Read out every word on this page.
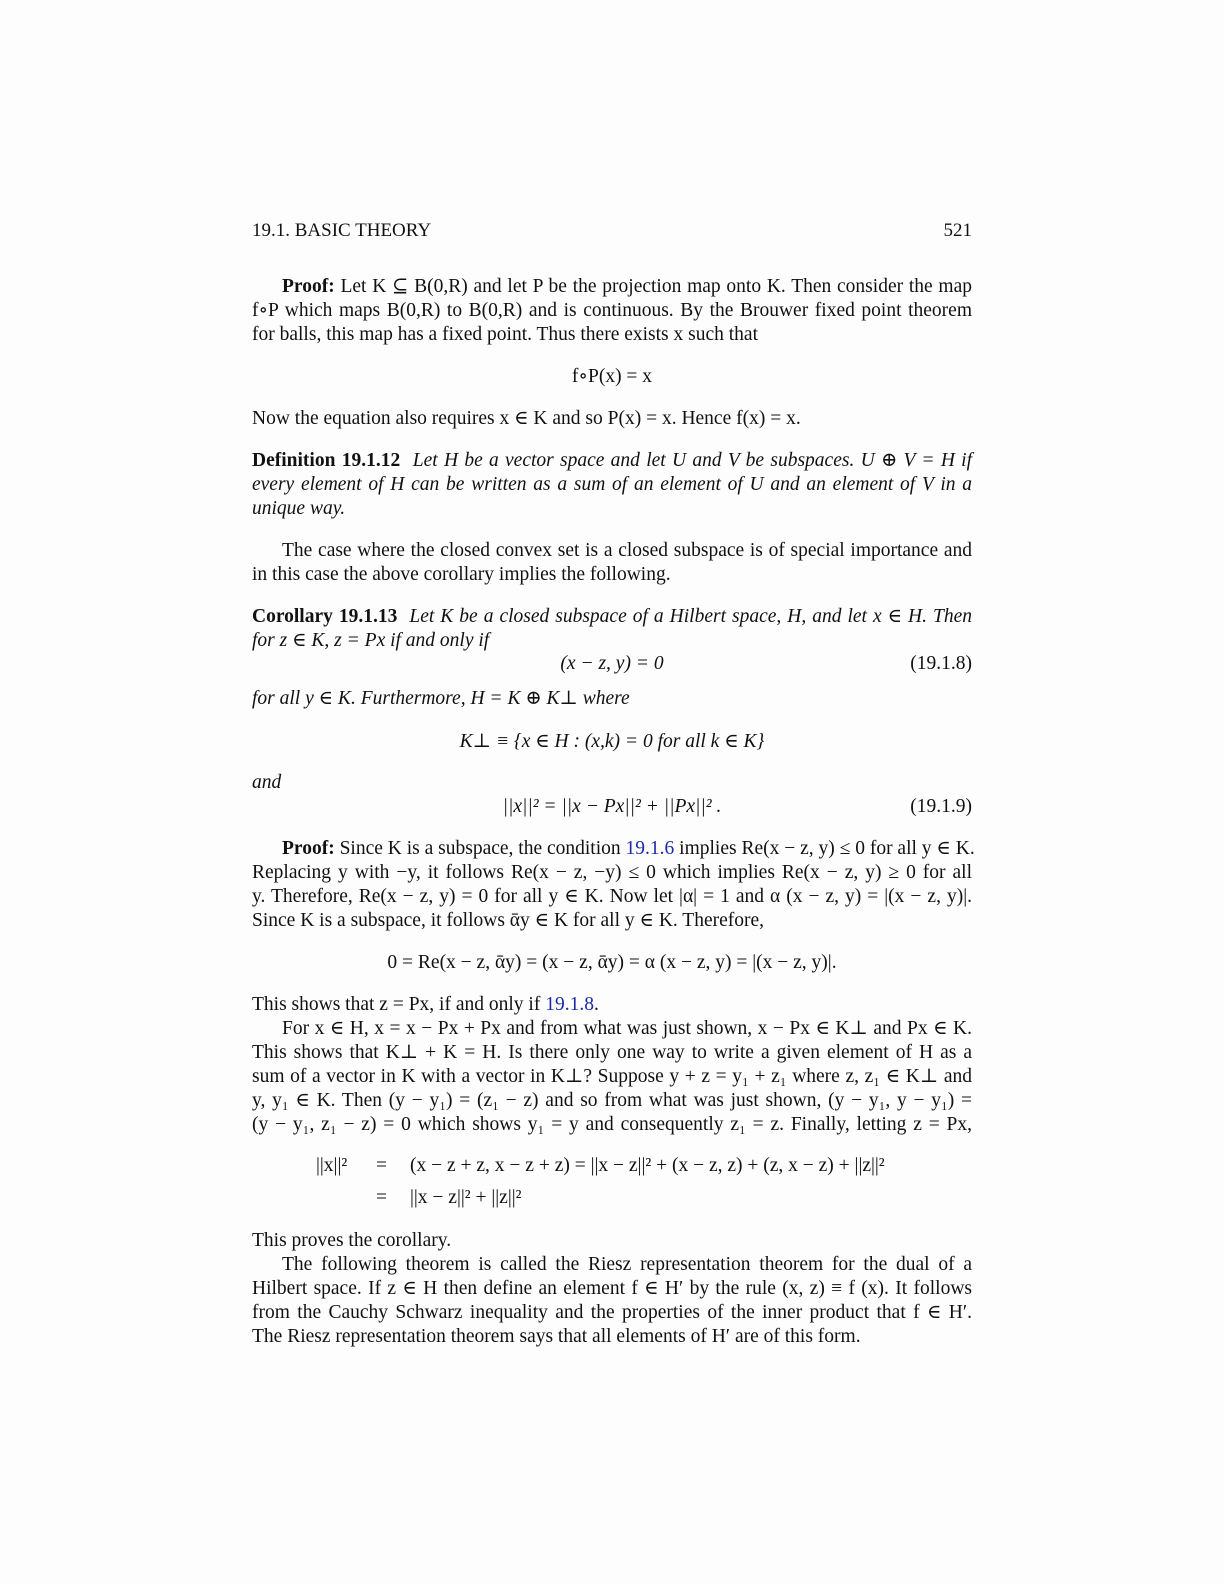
19.1. BASIC THEORY	521
Proof: Let K ⊆ B(0,R) and let P be the projection map onto K. Then consider the map
f∘P which maps B(0,R) to B(0,R) and is continuous. By the Brouwer fixed point theorem
for balls, this map has a fixed point. Thus there exists x such that
f∘P(x) = x
Now the equation also requires x ∈ K and so P(x) = x. Hence f(x) = x.
Definition 19.1.12 Let H be a vector space and let U and V be subspaces. U ⊕ V = H if
every element of H can be written as a sum of an element of U and an element of V in a
unique way.
The case where the closed convex set is a closed subspace is of special importance and
in this case the above corollary implies the following.
Corollary 19.1.13 Let K be a closed subspace of a Hilbert space, H, and let x ∈ H. Then
for z ∈ K, z = Px if and only if
(x − z, y) = 0	(19.1.8)
for all y ∈ K. Furthermore, H = K ⊕ K⊥ where
K⊥ ≡ {x ∈ H : (x,k) = 0 for all k ∈ K}
and
||x||² = ||x − Px||² + ||Px||² .	(19.1.9)
Proof: Since K is a subspace, the condition 19.1.6 implies Re(x − z, y) ≤ 0 for all y ∈ K.
Replacing y with −y, it follows Re(x − z, −y) ≤ 0 which implies Re(x − z, y) ≥ 0 for all
y. Therefore, Re(x − z, y) = 0 for all y ∈ K. Now let |α| = 1 and α (x − z, y) = |(x − z, y)|.
Since K is a subspace, it follows ᾱy ∈ K for all y ∈ K. Therefore,
0 = Re(x − z, ᾱy) = (x − z, ᾱy) = α (x − z, y) = |(x − z, y)|.
This shows that z = Px, if and only if 19.1.8.
For x ∈ H, x = x − Px + Px and from what was just shown, x − Px ∈ K⊥ and Px ∈ K.
This shows that K⊥ + K = H. Is there only one way to write a given element of H as a
sum of a vector in K with a vector in K⊥? Suppose y + z = y₁ + z₁ where z, z₁ ∈ K⊥ and
y, y₁ ∈ K. Then (y − y₁) = (z₁ − z) and so from what was just shown, (y − y₁, y − y₁) =
(y − y₁, z₁ − z) = 0 which shows y₁ = y and consequently z₁ = z. Finally, letting z = Px,
||x||² = (x − z + z, x − z + z) = ||x − z||² + (x − z, z) + (z, x − z) + ||z||²
= ||x − z||² + ||z||²
This proves the corollary.
The following theorem is called the Riesz representation theorem for the dual of a
Hilbert space. If z ∈ H then define an element f ∈ H′ by the rule (x, z) ≡ f (x). It follows
from the Cauchy Schwarz inequality and the properties of the inner product that f ∈ H′.
The Riesz representation theorem says that all elements of H′ are of this form.
